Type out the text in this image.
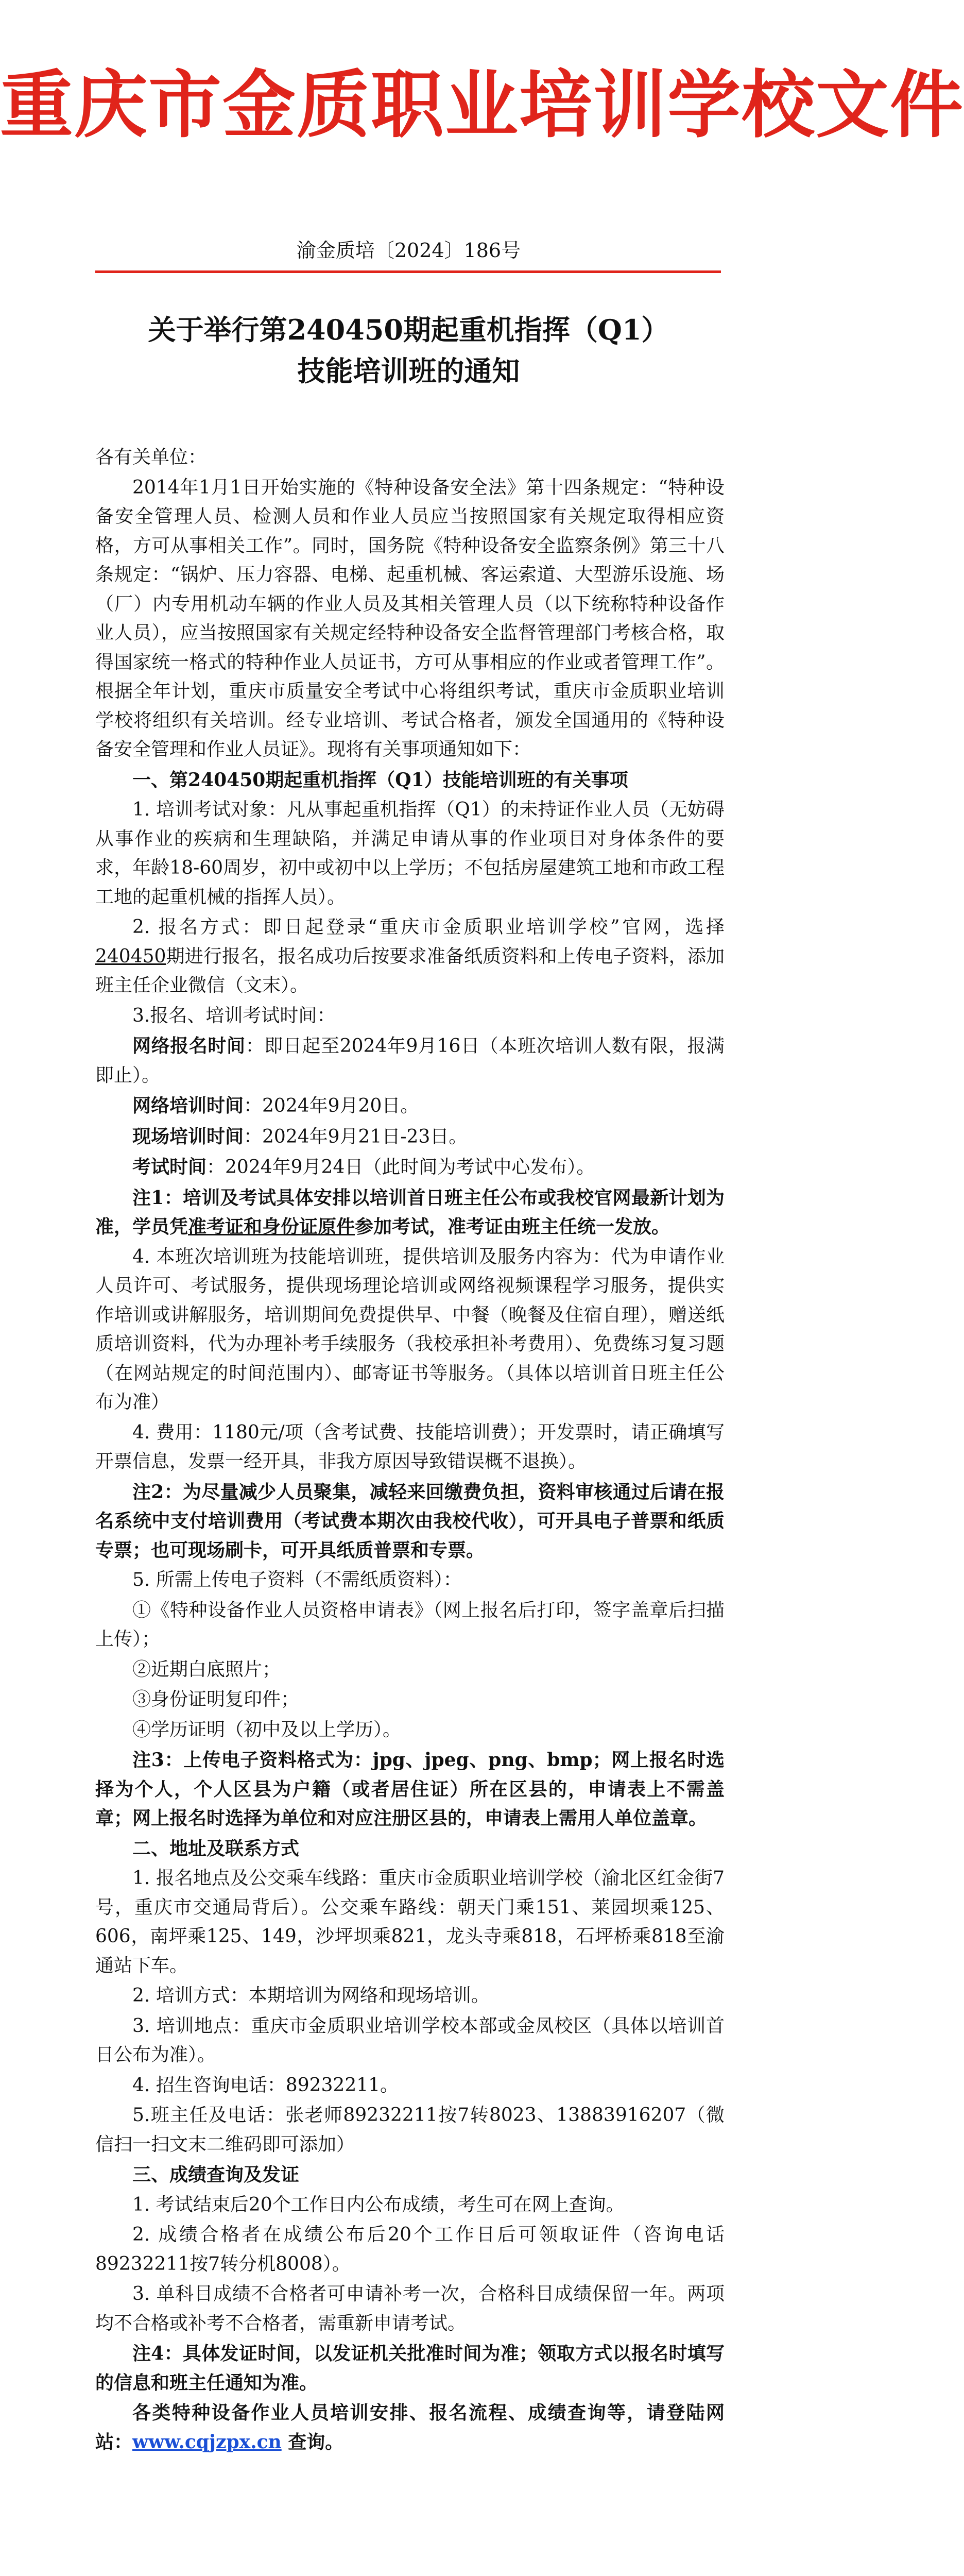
重庆市金质职业培训学校文件
渝金质培〔2024〕186号
关于举行第240450期起重机指挥（Q1）
技能培训班的通知

各有关单位：

2014年1月1日开始实施的《特种设备安全法》第十四条规定：“特种设备安全管理人员、检测人员和作业人员应当按照国家有关规定取得相应资格，方可从事相关工作”。同时，国务院《特种设备安全监察条例》第三十八条规定：“锅炉、压力容器、电梯、起重机械、客运索道、大型游乐设施、场（厂）内专用机动车辆的作业人员及其相关管理人员（以下统称特种设备作业人员），应当按照国家有关规定经特种设备安全监督管理部门考核合格，取得国家统一格式的特种作业人员证书，方可从事相应的作业或者管理工作”。根据全年计划，重庆市质量安全考试中心将组织考试，重庆市金质职业培训学校将组织有关培训。经专业培训、考试合格者，颁发全国通用的《特种设备安全管理和作业人员证》。现将有关事项通知如下：

一、第240450期起重机指挥（Q1）技能培训班的有关事项

1. 培训考试对象：凡从事起重机指挥（Q1）的未持证作业人员（无妨碍从事作业的疾病和生理缺陷，并满足申请从事的作业项目对身体条件的要求，年龄18-60周岁，初中或初中以上学历；不包括房屋建筑工地和市政工程工地的起重机械的指挥人员）。

2. 报名方式：即日起登录“重庆市金质职业培训学校”官网，选择240450期进行报名，报名成功后按要求准备纸质资料和上传电子资料，添加班主任企业微信（文末）。

3.报名、培训考试时间：

网络报名时间：即日起至2024年9月16日（本班次培训人数有限，报满即止）。

网络培训时间：2024年9月20日。

现场培训时间：2024年9月21日-23日。

考试时间：2024年9月24日（此时间为考试中心发布）。

注1：培训及考试具体安排以培训首日班主任公布或我校官网最新计划为准，学员凭准考证和身份证原件参加考试，准考证由班主任统一发放。

4. 本班次培训班为技能培训班，提供培训及服务内容为：代为申请作业人员许可、考试服务，提供现场理论培训或网络视频课程学习服务，提供实作培训或讲解服务，培训期间免费提供早、中餐（晚餐及住宿自理），赠送纸质培训资料，代为办理补考手续服务（我校承担补考费用）、免费练习复习题（在网站规定的时间范围内）、邮寄证书等服务。（具体以培训首日班主任公布为准）

4. 费用：1180元/项（含考试费、技能培训费）；开发票时，请正确填写开票信息，发票一经开具，非我方原因导致错误概不退换）。

注2：为尽量减少人员聚集，减轻来回缴费负担，资料审核通过后请在报名系统中支付培训费用（考试费本期次由我校代收），可开具电子普票和纸质专票；也可现场刷卡，可开具纸质普票和专票。

5. 所需上传电子资料（不需纸质资料）：

①《特种设备作业人员资格申请表》（网上报名后打印，签字盖章后扫描上传）；

②近期白底照片；

③身份证明复印件；

④学历证明（初中及以上学历）。

注3：上传电子资料格式为：jpg、jpeg、png、bmp；网上报名时选择为个人，个人区县为户籍（或者居住证）所在区县的，申请表上不需盖章；网上报名时选择为单位和对应注册区县的，申请表上需用人单位盖章。

二、地址及联系方式

1. 报名地点及公交乘车线路：重庆市金质职业培训学校（渝北区红金街7号，重庆市交通局背后）。公交乘车路线：朝天门乘151、莱园坝乘125、606，南坪乘125、149，沙坪坝乘821，龙头寺乘818，石坪桥乘818至渝通站下车。

2. 培训方式：本期培训为网络和现场培训。

3. 培训地点：重庆市金质职业培训学校本部或金凤校区（具体以培训首日公布为准）。

4. 招生咨询电话：89232211。

5.班主任及电话：张老师89232211按7转8023、13883916207（微信扫一扫文末二维码即可添加）

三、成绩查询及发证

1. 考试结束后20个工作日内公布成绩，考生可在网上查询。

2. 成绩合格者在成绩公布后20个工作日后可领取证件（咨询电话89232211按7转分机8008）。

3. 单科目成绩不合格者可申请补考一次，合格科目成绩保留一年。两项均不合格或补考不合格者，需重新申请考试。

注4：具体发证时间，以发证机关批准时间为准；领取方式以报名时填写的信息和班主任通知为准。

各类特种设备作业人员培训安排、报名流程、成绩查询等，请登陆网站：www.cqjzpx.cn 查询。
